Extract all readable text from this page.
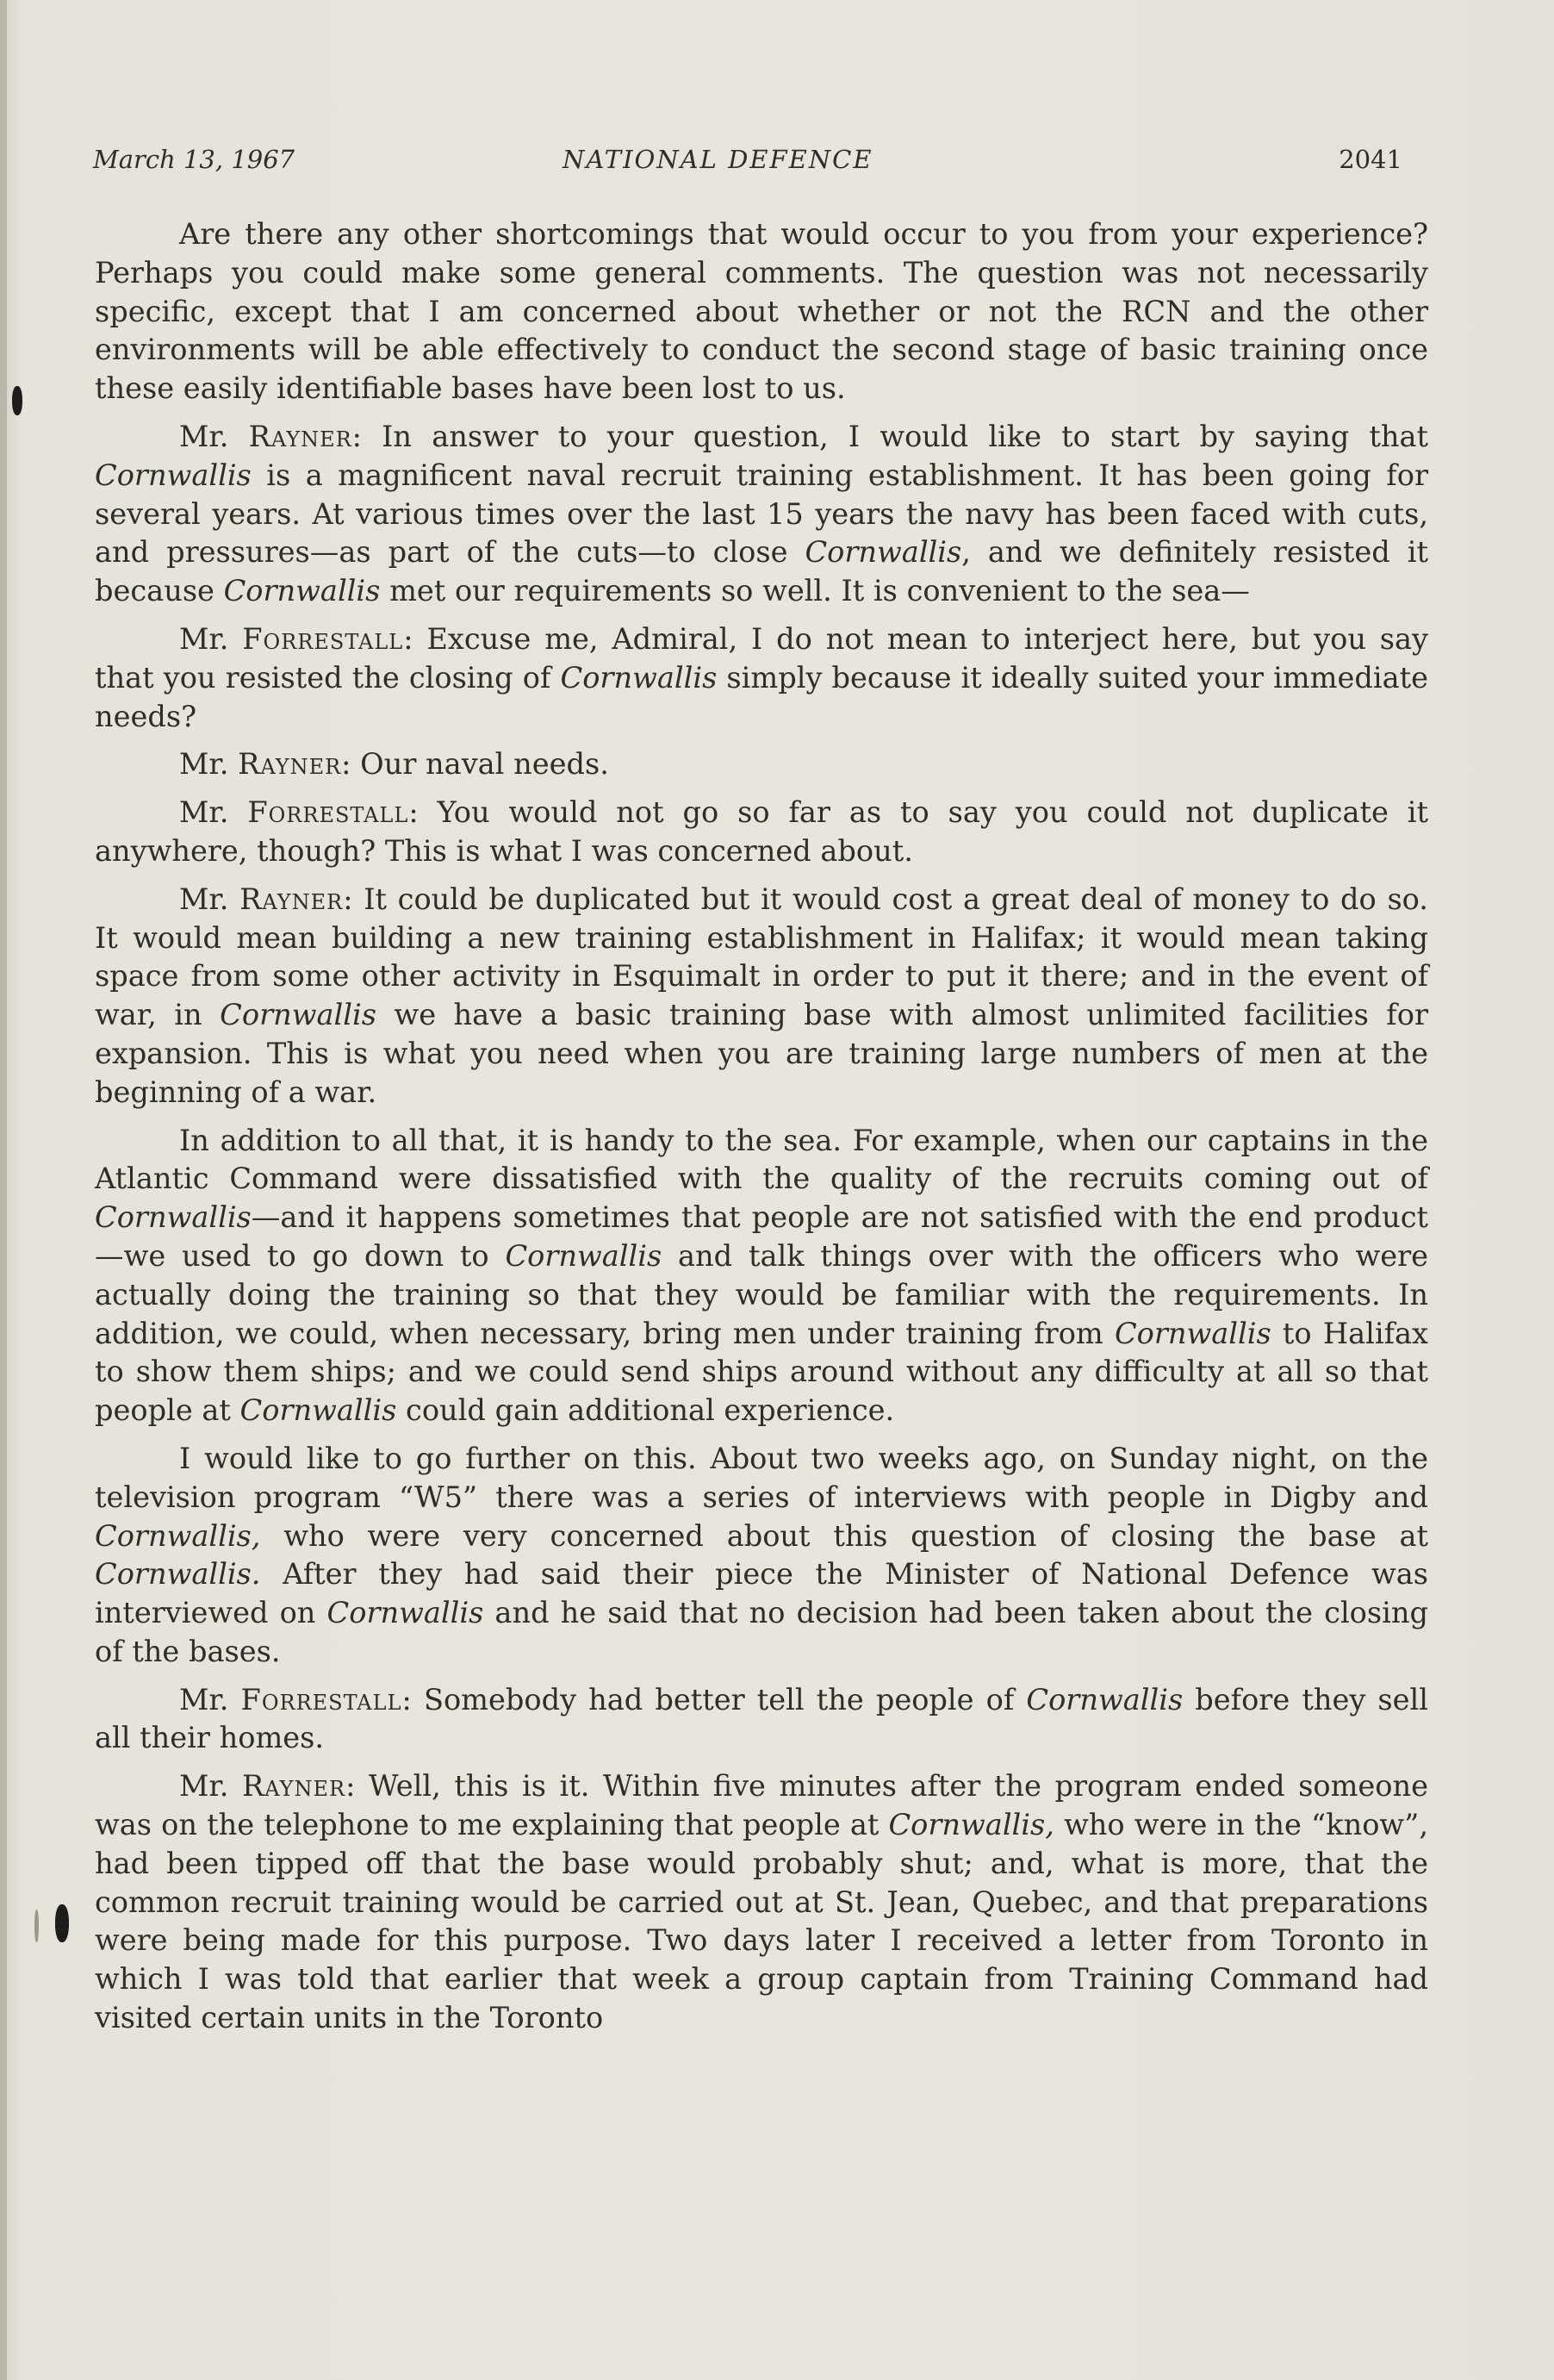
March 13, 1967	NATIONAL DEFENCE	2041

Are there any other shortcomings that would occur to you from your experience? Perhaps you could make some general comments. The question was not necessarily specific, except that I am concerned about whether or not the RCN and the other environments will be able effectively to conduct the second stage of basic training once these easily identifiable bases have been lost to us.

Mr. Rayner: In answer to your question, I would like to start by saying that Cornwallis is a magnificent naval recruit training establishment. It has been going for several years. At various times over the last 15 years the navy has been faced with cuts, and pressures—as part of the cuts—to close Cornwallis, and we definitely resisted it because Cornwallis met our requirements so well. It is convenient to the sea—

Mr. Forrestall: Excuse me, Admiral, I do not mean to interject here, but you say that you resisted the closing of Cornwallis simply because it ideally suited your immediate needs?

Mr. Rayner: Our naval needs.

Mr. Forrestall: You would not go so far as to say you could not duplicate it anywhere, though? This is what I was concerned about.

Mr. Rayner: It could be duplicated but it would cost a great deal of money to do so. It would mean building a new training establishment in Halifax; it would mean taking space from some other activity in Esquimalt in order to put it there; and in the event of war, in Cornwallis we have a basic training base with almost unlimited facilities for expansion. This is what you need when you are training large numbers of men at the beginning of a war.

In addition to all that, it is handy to the sea. For example, when our captains in the Atlantic Command were dissatisfied with the quality of the recruits coming out of Cornwallis—and it happens sometimes that people are not satisfied with the end product—we used to go down to Cornwallis and talk things over with the officers who were actually doing the training so that they would be familiar with the requirements. In addition, we could, when necessary, bring men under training from Cornwallis to Halifax to show them ships; and we could send ships around without any difficulty at all so that people at Cornwallis could gain additional experience.

I would like to go further on this. About two weeks ago, on Sunday night, on the television program “W5” there was a series of interviews with people in Digby and Cornwallis, who were very concerned about this question of closing the base at Cornwallis. After they had said their piece the Minister of National Defence was interviewed on Cornwallis and he said that no decision had been taken about the closing of the bases.

Mr. Forrestall: Somebody had better tell the people of Cornwallis before they sell all their homes.

Mr. Rayner: Well, this is it. Within five minutes after the program ended someone was on the telephone to me explaining that people at Cornwallis, who were in the “know”, had been tipped off that the base would probably shut; and, what is more, that the common recruit training would be carried out at St. Jean, Quebec, and that preparations were being made for this purpose. Two days later I received a letter from Toronto in which I was told that earlier that week a group captain from Training Command had visited certain units in the Toronto
